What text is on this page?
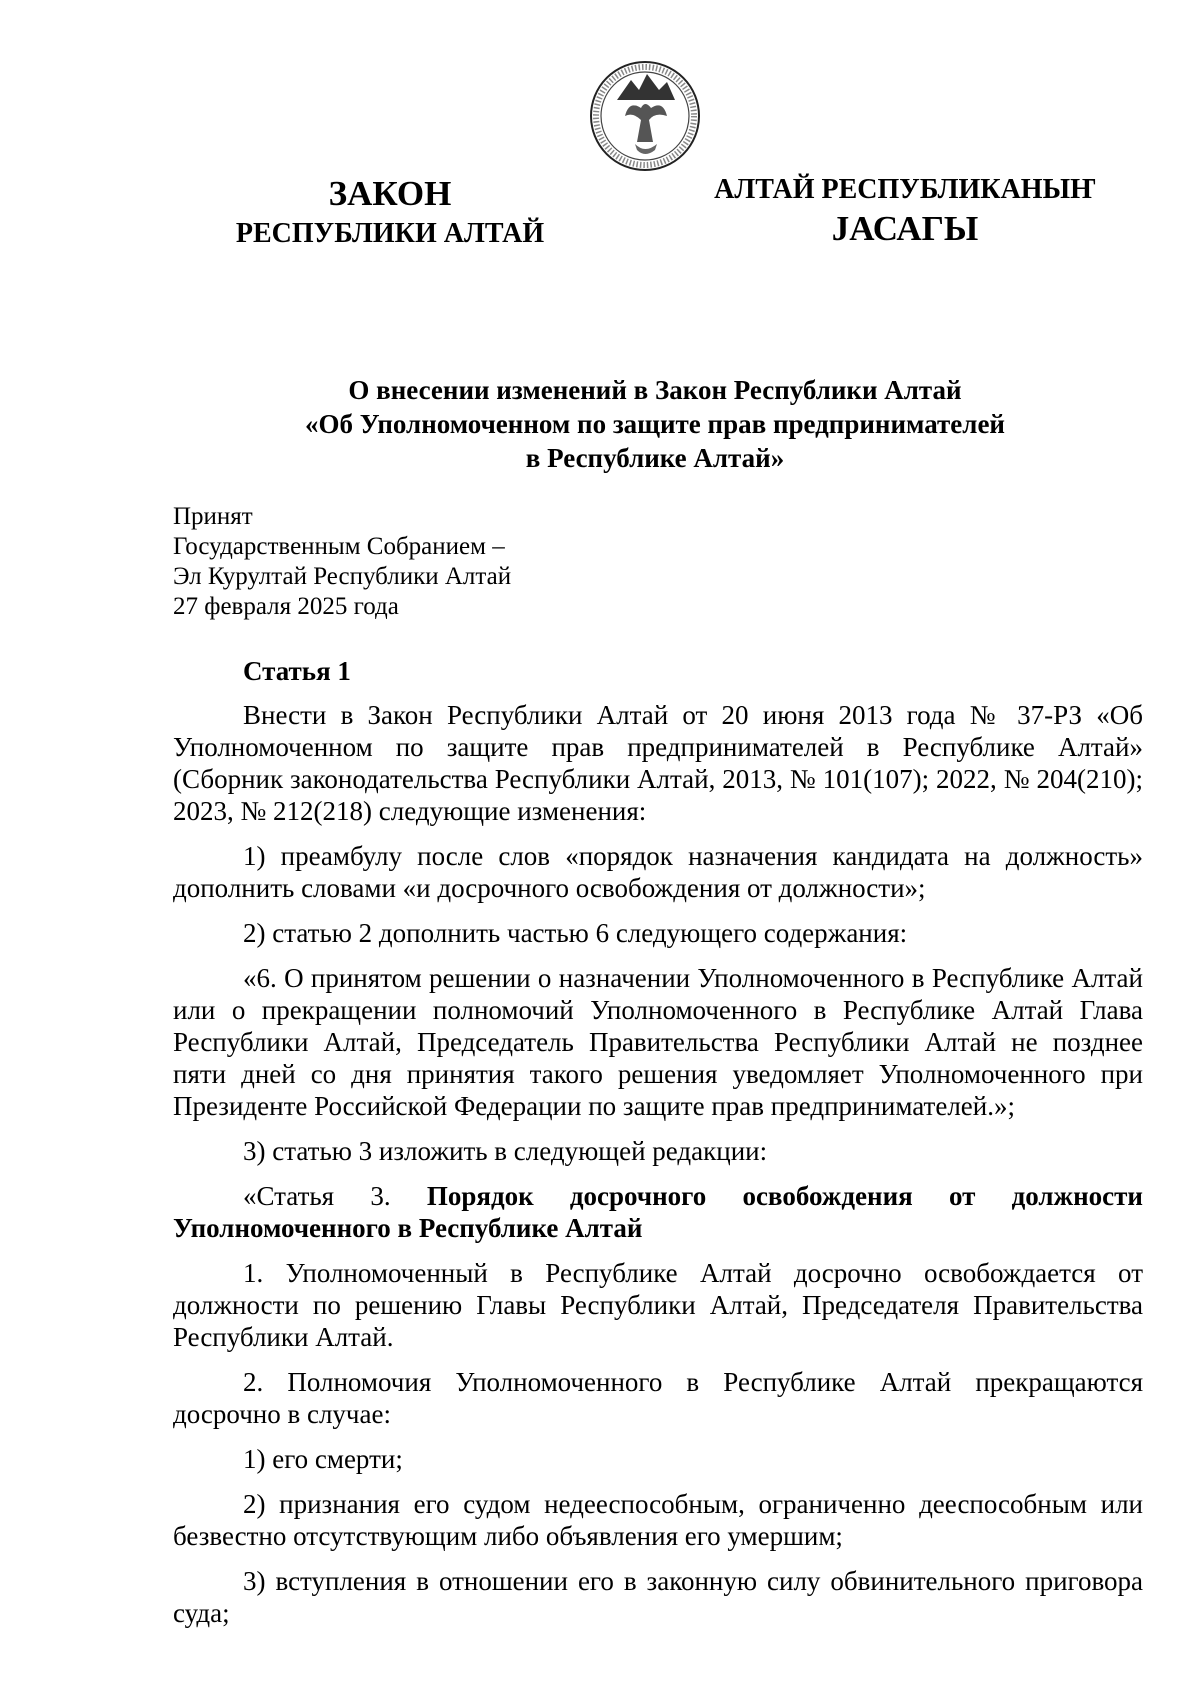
ЗАКОН
РЕСПУБЛИКИ АЛТАЙ
АЛТАЙ РЕСПУБЛИКАНЫҤ
ЈАСАГЫ
О внесении изменений в Закон Республики Алтай
«Об Уполномоченном по защите прав предпринимателей
в Республике Алтай»
Принят
Государственным Собранием –
Эл Курултай Республики Алтай
27 февраля 2025 года

Статья 1

Внести в Закон Республики Алтай от 20 июня 2013 года № 37-РЗ «Об Уполномоченном по защите прав предпринимателей в Республике Алтай» (Сборник законодательства Республики Алтай, 2013, № 101(107); 2022, № 204(210); 2023, № 212(218) следующие изменения:

1) преамбулу после слов «порядок назначения кандидата на должность» дополнить словами «и досрочного освобождения от должности»;

2) статью 2 дополнить частью 6 следующего содержания:

«6. О принятом решении о назначении Уполномоченного в Республике Алтай или о прекращении полномочий Уполномоченного в Республике Алтай Глава Республики Алтай, Председатель Правительства Республики Алтай не позднее пяти дней со дня принятия такого решения уведомляет Уполномоченного при Президенте Российской Федерации по защите прав предпринимателей.»;

3) статью 3 изложить в следующей редакции:

«Статья 3. Порядок досрочного освобождения от должности Уполномоченного в Республике Алтай

1. Уполномоченный в Республике Алтай досрочно освобождается от должности по решению Главы Республики Алтай, Председателя Правительства Республики Алтай.

2. Полномочия Уполномоченного в Республике Алтай прекращаются досрочно в случае:

1) его смерти;

2) признания его судом недееспособным, ограниченно дееспособным или безвестно отсутствующим либо объявления его умершим;

3) вступления в отношении его в законную силу обвинительного приговора суда;
